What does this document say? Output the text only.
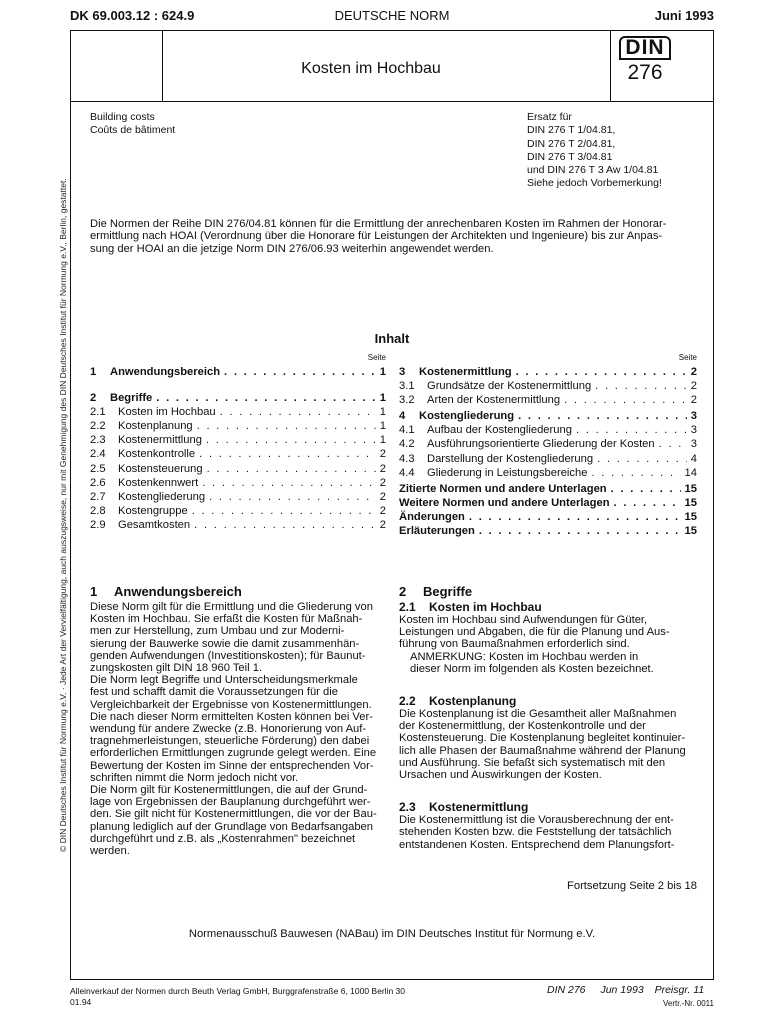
DK 69.003.12 : 624.9	DEUTSCHE NORM	Juni 1993
Kosten im Hochbau
DIN
276
© DIN Deutsches Institut für Normung e.V. · Jede Art der Vervielfältigung, auch auszugsweise, nur mit Genehmigung des DIN Deutsches Institut für Normung e.V., Berlin, gestattet.
Building costs
Coûts de bâtiment
Ersatz für
DIN 276 T 1/04.81,
DIN 276 T 2/04.81,
DIN 276 T 3/04.81
und DIN 276 T 3 Aw 1/04.81
Siehe jedoch Vorbemerkung!
Die Normen der Reihe DIN 276/04.81 können für die Ermittlung der anrechenbaren Kosten im Rahmen der Honorar-
ermittlung nach HOAI (Verordnung über die Honorare für Leistungen der Architekten und Ingenieure) bis zur Anpas-
sung der HOAI an die jetzige Norm DIN 276/06.93 weiterhin angewendet werden.
Inhalt
Seite	Seite
1	Anwendungsbereich . . .	1
2	Begriffe . . .	1
2.1	Kosten im Hochbau . . .	1
2.2	Kostenplanung . . .	1
2.3	Kostenermittlung . . .	1
2.4	Kostenkontrolle . . .	2
2.5	Kostensteuerung . . .	2
2.6	Kostenkennwert . . .	2
2.7	Kostengliederung . . .	2
2.8	Kostengruppe . . .	2
2.9	Gesamtkosten . . .	2
3	Kostenermittlung . . .	2
3.1	Grundsätze der Kostenermittlung . . .	2
3.2	Arten der Kostenermittlung . . .	2
4	Kostengliederung . . .	3
4.1	Aufbau der Kostengliederung . . .	3
4.2	Ausführungsorientierte Gliederung der Kosten . . .	3
4.3	Darstellung der Kostengliederung . . .	4
4.4	Gliederung in Leistungsbereiche . . .	14
Zitierte Normen und andere Unterlagen . . .	15
Weitere Normen und andere Unterlagen . . .	15
Änderungen . . .	15
Erläuterungen . . .	15
1	Anwendungsbereich
Diese Norm gilt für die Ermittlung und die Gliederung von
Kosten im Hochbau. Sie erfaßt die Kosten für Maßnah-
men zur Herstellung, zum Umbau und zur Moderni-
sierung der Bauwerke sowie die damit zusammenhän-
genden Aufwendungen (Investitionskosten); für Baunut-
zungskosten gilt DIN 18 960 Teil 1.
Die Norm legt Begriffe und Unterscheidungsmerkmale
fest und schafft damit die Voraussetzungen für die
Vergleichbarkeit der Ergebnisse von Kostenermittlungen.
Die nach dieser Norm ermittelten Kosten können bei Ver-
wendung für andere Zwecke (z.B. Honorierung von Auf-
tragnehmerleistungen, steuerliche Förderung) den dabei
erforderlichen Ermittlungen zugrunde gelegt werden. Eine
Bewertung der Kosten im Sinne der entsprechenden Vor-
schriften nimmt die Norm jedoch nicht vor.
Die Norm gilt für Kostenermittlungen, die auf der Grund-
lage von Ergebnissen der Bauplanung durchgeführt wer-
den. Sie gilt nicht für Kostenermittlungen, die vor der Bau-
planung lediglich auf der Grundlage von Bedarfsangaben
durchgeführt und z.B. als „Kostenrahmen" bezeichnet
werden.
2	Begriffe
2.1	Kosten im Hochbau
Kosten im Hochbau sind Aufwendungen für Güter,
Leistungen und Abgaben, die für die Planung und Aus-
führung von Baumaßnahmen erforderlich sind.
ANMERKUNG: Kosten im Hochbau werden in
dieser Norm im folgenden als Kosten bezeichnet.
2.2	Kostenplanung
Die Kostenplanung ist die Gesamtheit aller Maßnahmen
der Kostenermittlung, der Kostenkontrolle und der
Kostensteuerung. Die Kostenplanung begleitet kontinuier-
lich alle Phasen der Baumaßnahme während der Planung
und Ausführung. Sie befaßt sich systematisch mit den
Ursachen und Auswirkungen der Kosten.
2.3	Kostenermittlung
Die Kostenermittlung ist die Vorausberechnung der ent-
stehenden Kosten bzw. die Feststellung der tatsächlich
entstandenen Kosten. Entsprechend dem Planungsfort-
Fortsetzung Seite 2 bis 18
Normenausschuß Bauwesen (NABau) im DIN Deutsches Institut für Normung e.V.
Alleinverkauf der Normen durch Beuth Verlag GmbH, Burggrafenstraße 6, 1000 Berlin 30
01.94
DIN 276 Jun 1993 Preisgr. 11
Vertr.-Nr. 0011
